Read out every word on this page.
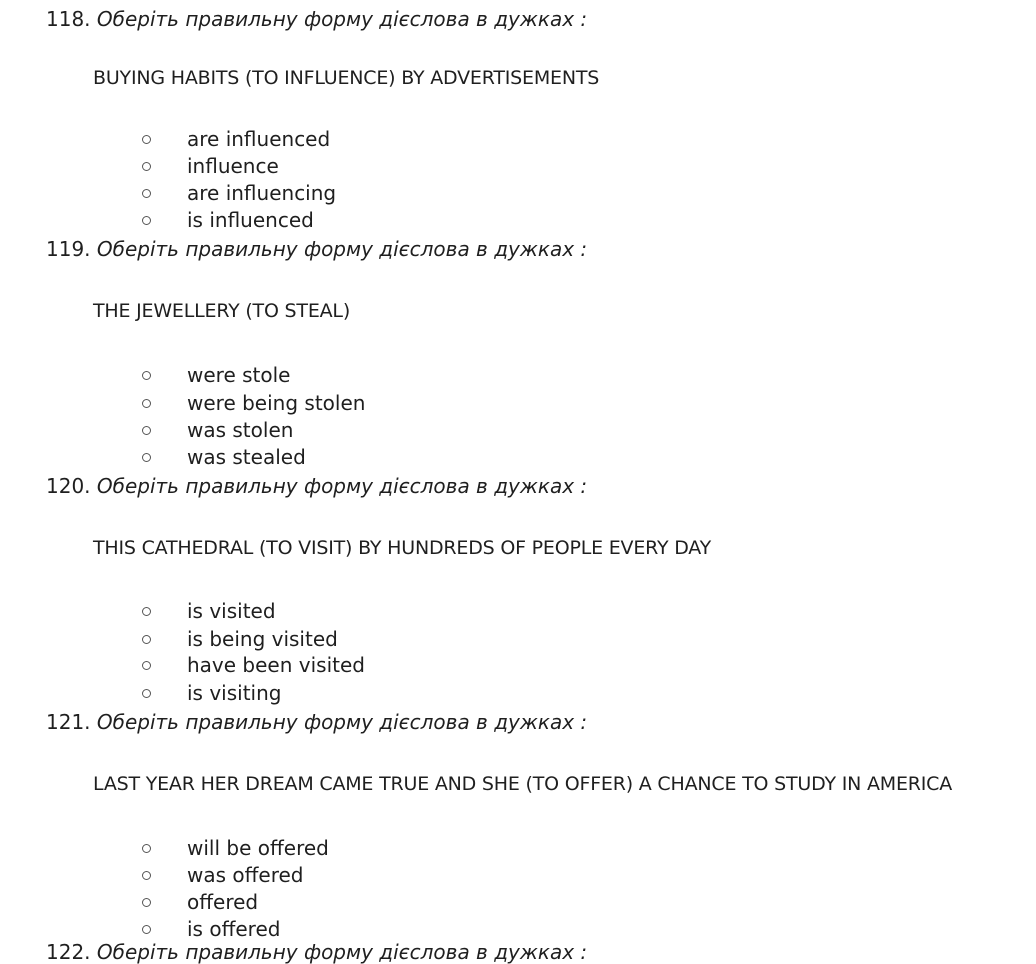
118. Оберіть правильну форму дієслова в дужках :
BUYING HABITS (TO INFLUENCE) BY ADVERTISEMENTS
are influenced
influence
are influencing
is influenced
119. Оберіть правильну форму дієслова в дужках :
THE JEWELLERY (TO STEAL)
were stole
were being stolen
was stolen
was stealed
120. Оберіть правильну форму дієслова в дужках :
THIS CATHEDRAL (TO VISIT) BY HUNDREDS OF PEOPLE EVERY DAY
is visited
is being visited
have been visited
is visiting
121. Оберіть правильну форму дієслова в дужках :
LAST YEAR HER DREAM CAME TRUE AND SHE (TO OFFER) A CHANCE TO STUDY IN AMERICA
will be offered
was offered
offered
is offered
122. Оберіть правильну форму дієслова в дужках :
